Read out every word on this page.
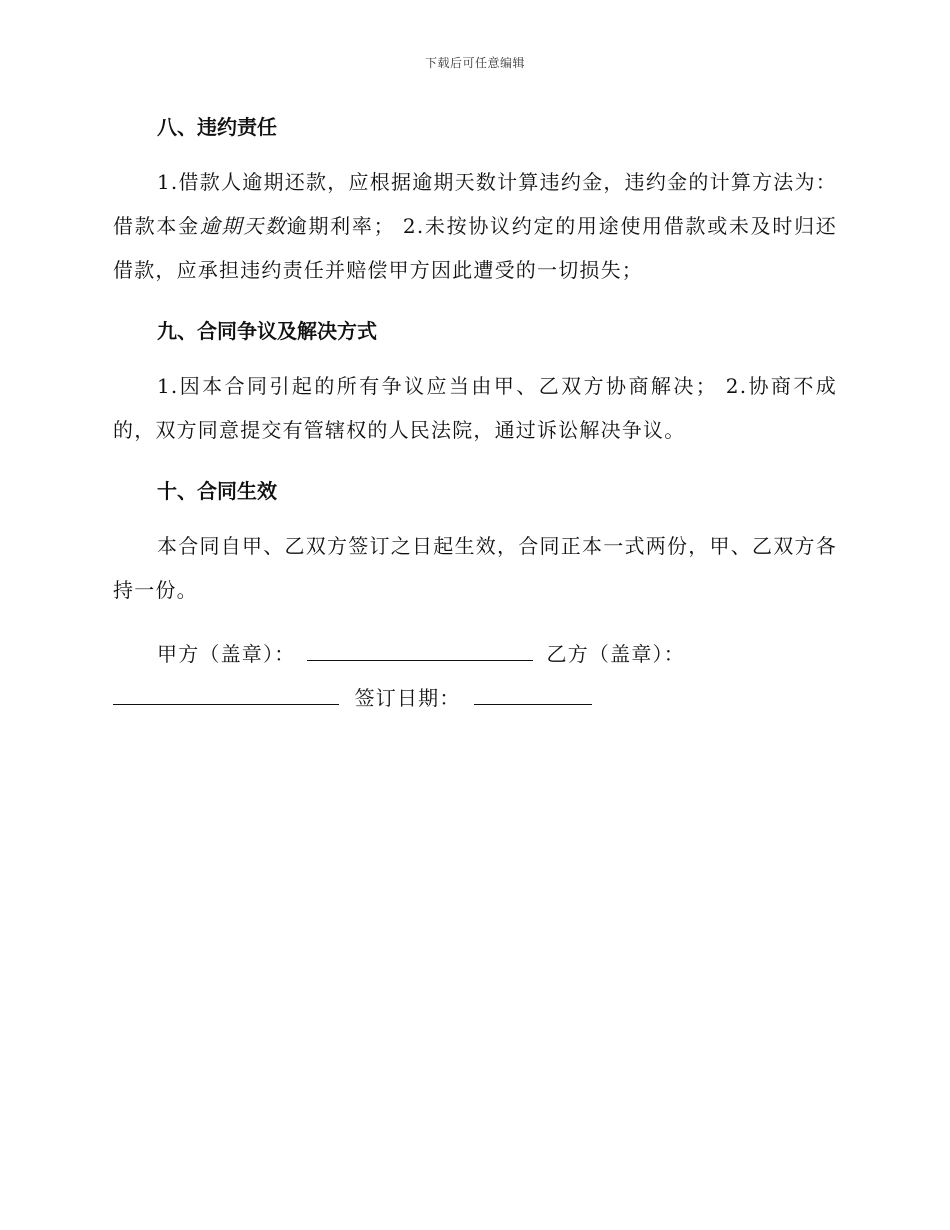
下载后可任意编辑
八、违约责任

1.借款人逾期还款，应根据逾期天数计算违约金，违约金的计算方法为：借款本金逾期天数逾期利率； 2.未按协议约定的用途使用借款或未及时归还借款，应承担违约责任并赔偿甲方因此遭受的一切损失；

九、合同争议及解决方式

1.因本合同引起的所有争议应当由甲、乙双方协商解决； 2.协商不成的，双方同意提交有管辖权的人民法院，通过诉讼解决争议。

十、合同生效

本合同自甲、乙双方签订之日起生效，合同正本一式两份，甲、乙双方各持一份。

甲方（盖章）：	乙方（盖章）：
签订日期：
